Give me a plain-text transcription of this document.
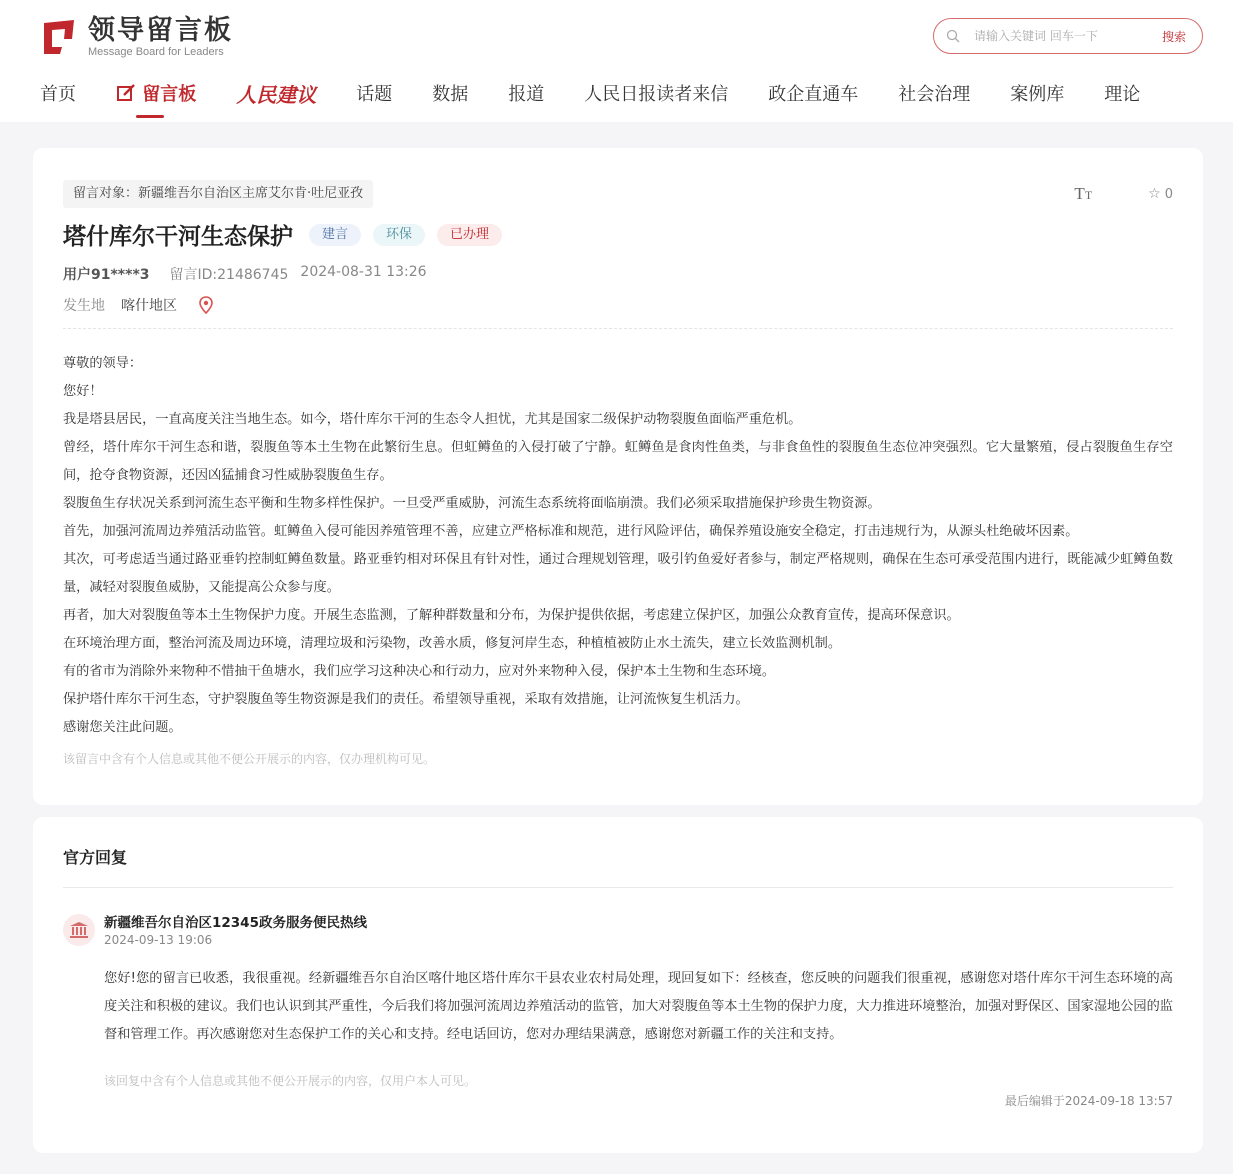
领导留言板
Message Board for Leaders
请输入关键词 回车一下
搜索
首页	留言板 人民建议 话题 数据 报道 人民日报读者来信 政企直通车 社会治理 案例库 理论
留言对象：新疆维吾尔自治区主席艾尔肯·吐尼亚孜	TT	☆ 0
塔什库尔干河生态保护	建言	环保	已办理
用户91****3 留言ID:21486745 2024-08-31 13:26
发生地 喀什地区

尊敬的领导：

您好！

我是塔县居民，一直高度关注当地生态。如今，塔什库尔干河的生态令人担忧，尤其是国家二级保护动物裂腹鱼面临严重危机。

曾经，塔什库尔干河生态和谐，裂腹鱼等本土生物在此繁衍生息。但虹鳟鱼的入侵打破了宁静。虹鳟鱼是食肉性鱼类，与非食鱼性的裂腹鱼生态位冲突强烈。它大量繁殖，侵占裂腹鱼生存空间，抢夺食物资源，还因凶猛捕食习性威胁裂腹鱼生存。

裂腹鱼生存状况关系到河流生态平衡和生物多样性保护。一旦受严重威胁，河流生态系统将面临崩溃。我们必须采取措施保护珍贵生物资源。

首先，加强河流周边养殖活动监管。虹鳟鱼入侵可能因养殖管理不善，应建立严格标准和规范，进行风险评估，确保养殖设施安全稳定，打击违规行为，从源头杜绝破坏因素。

其次，可考虑适当通过路亚垂钓控制虹鳟鱼数量。路亚垂钓相对环保且有针对性，通过合理规划管理，吸引钓鱼爱好者参与，制定严格规则，确保在生态可承受范围内进行，既能减少虹鳟鱼数量，减轻对裂腹鱼威胁，又能提高公众参与度。

再者，加大对裂腹鱼等本土生物保护力度。开展生态监测，了解种群数量和分布，为保护提供依据，考虑建立保护区，加强公众教育宣传，提高环保意识。

在环境治理方面，整治河流及周边环境，清理垃圾和污染物，改善水质，修复河岸生态，种植植被防止水土流失，建立长效监测机制。

有的省市为消除外来物种不惜抽干鱼塘水，我们应学习这种决心和行动力，应对外来物种入侵，保护本土生物和生态环境。

保护塔什库尔干河生态，守护裂腹鱼等生物资源是我们的责任。希望领导重视，采取有效措施，让河流恢复生机活力。

感谢您关注此问题。

该留言中含有个人信息或其他不便公开展示的内容，仅办理机构可见。
官方回复
新疆维吾尔自治区12345政务服务便民热线
2024-09-13 19:06
您好!您的留言已收悉，我很重视。经新疆维吾尔自治区喀什地区塔什库尔干县农业农村局处理，现回复如下：经核查，您反映的问题我们很重视，感谢您对塔什库尔干河生态环境的高度关注和积极的建议。我们也认识到其严重性，今后我们将加强河流周边养殖活动的监管，加大对裂腹鱼等本土生物的保护力度，大力推进环境整治，加强对野保区、国家湿地公园的监督和管理工作。再次感谢您对生态保护工作的关心和支持。经电话回访，您对办理结果满意，感谢您对新疆工作的关注和支持。
该回复中含有个人信息或其他不便公开展示的内容，仅用户本人可见。
最后编辑于2024-09-18 13:57
